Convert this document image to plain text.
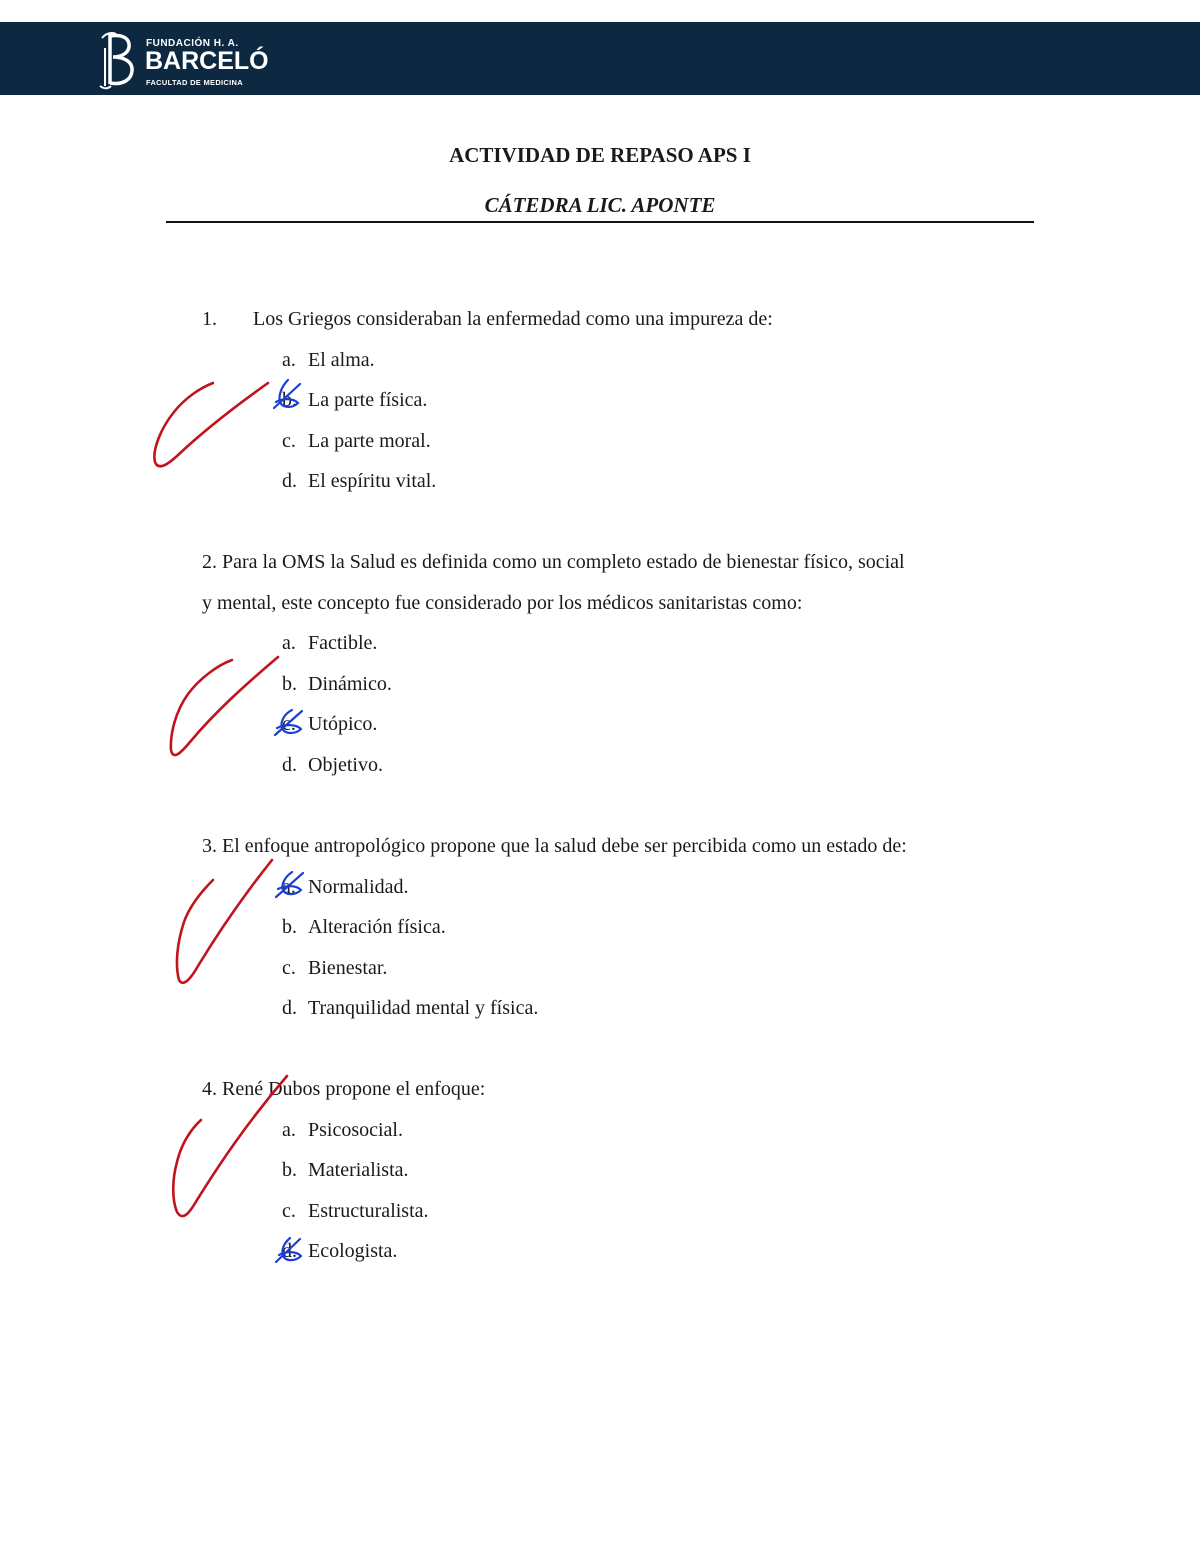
FUNDACIÓN H. A.
BARCELÓ
FACULTAD DE MEDICINA
ACTIVIDAD DE REPASO APS I
CÁTEDRA LIC. APONTE
1. Los Griegos consideraban la enfermedad como una impureza de:
a. El alma.
b. La parte física.
c. La parte moral.
d. El espíritu vital.
2. Para la OMS la Salud es definida como un completo estado de bienestar físico, social
y mental, este concepto fue considerado por los médicos sanitaristas como:
a. Factible.
b. Dinámico.
c. Utópico.
d. Objetivo.
3. El enfoque antropológico propone que la salud debe ser percibida como un estado de:
a. Normalidad.
b. Alteración física.
c. Bienestar.
d. Tranquilidad mental y física.
4. René Dubos propone el enfoque:
a. Psicosocial.
b. Materialista.
c. Estructuralista.
d. Ecologista.
